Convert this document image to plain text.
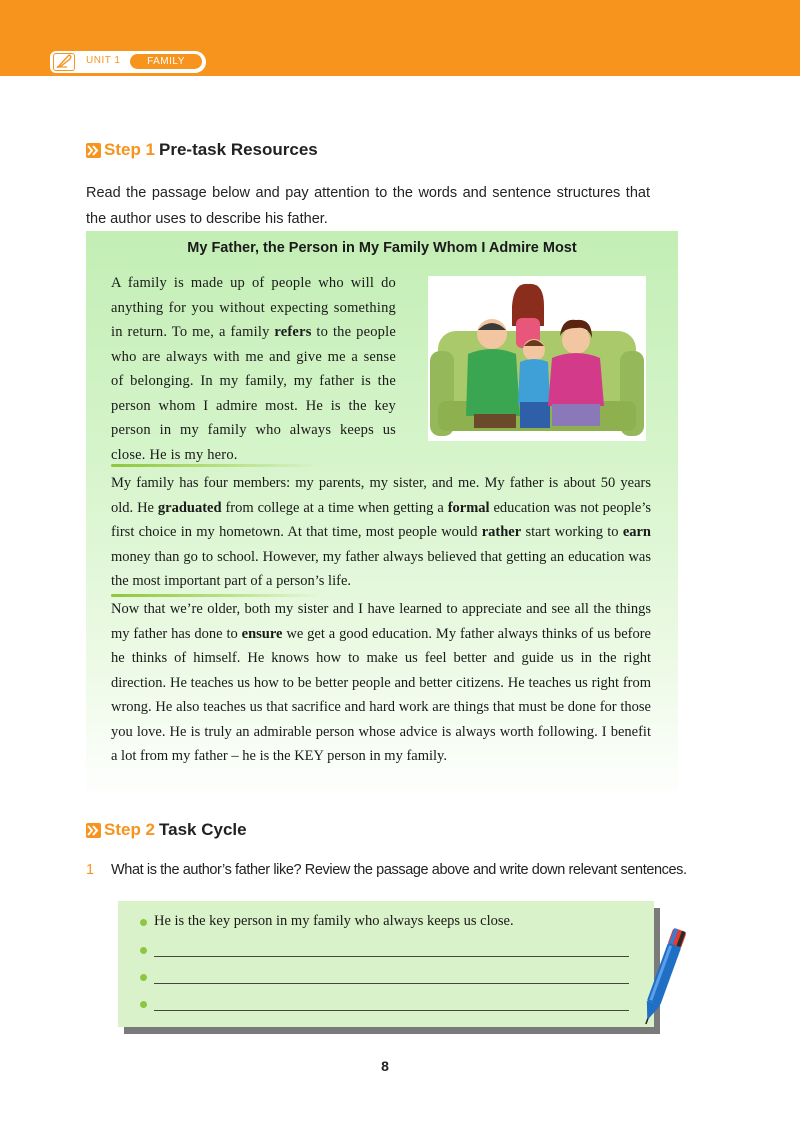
UNIT 1	FAMILY
Step 1 Pre-task Resources
Read the passage below and pay attention to the words and sentence structures that the author uses to describe his father.
My Father, the Person in My Family Whom I Admire Most
A family is made up of people who will do anything for you without expecting something in return. To me, a family refers to the people who are always with me and give me a sense of belonging. In my family, my father is the person whom I admire most. He is the key person in my family who always keeps us close. He is my hero.
My family has four members: my parents, my sister, and me. My father is about 50 years old. He graduated from college at a time when getting a formal education was not people’s first choice in my hometown. At that time, most people would rather start working to earn money than go to school. However, my father always believed that getting an education was the most important part of a person’s life.
Now that we’re older, both my sister and I have learned to appreciate and see all the things my father has done to ensure we get a good education. My father always thinks of us before he thinks of himself. He knows how to make us feel better and guide us in the right direction. He teaches us how to be better people and better citizens. He teaches us right from wrong. He also teaches us that sacrifice and hard work are things that must be done for those you love. He is truly an admirable person whose advice is always worth following. I benefit a lot from my father – he is the KEY person in my family.
Step 2 Task Cycle
1 What is the author’s father like? Review the passage above and write down relevant sentences.
He is the key person in my family who always keeps us close.
8
